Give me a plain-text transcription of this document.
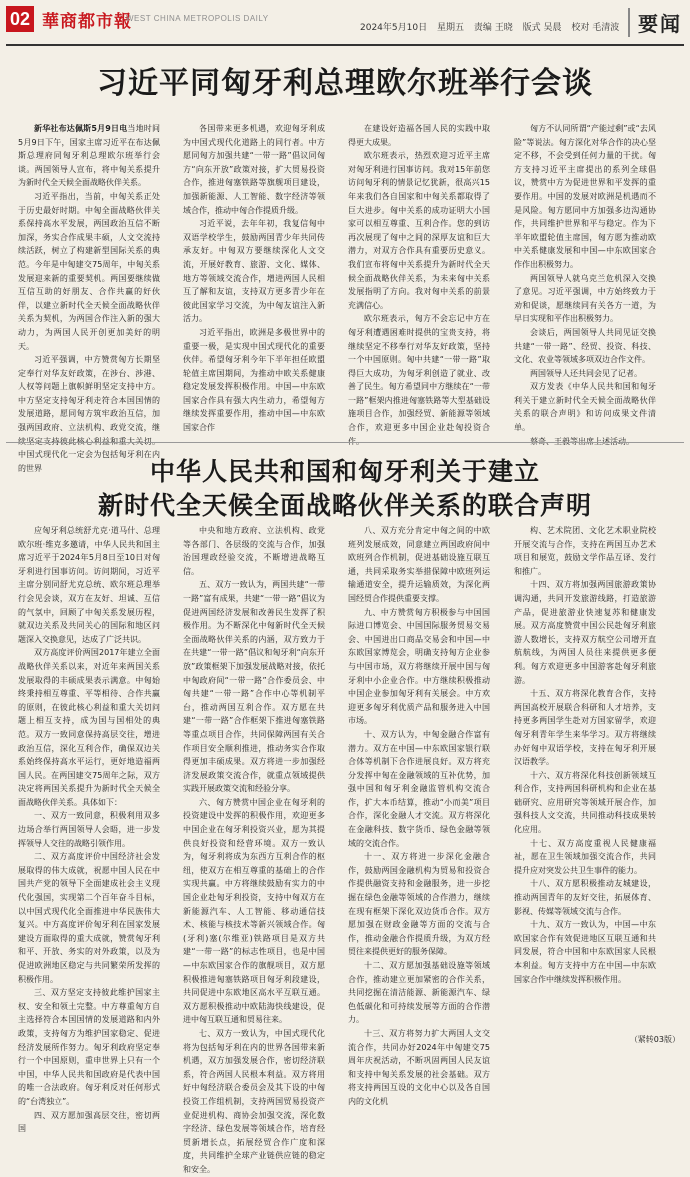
02 華商都市報
WEST CHINA METROPOLIS DAILY
2024年5月10日 星期五 责编 王晓 版式 吴晨 校对 毛清波 要闻
习近平同匈牙利总理欧尔班举行会谈

新华社布达佩斯5月9日电当地时间5月9日下午，国家主席习近平在布达佩斯总理府同匈牙利总理欧尔班举行会谈。两国领导人宣布，将中匈关系提升为新时代全天候全面战略伙伴关系。

习近平指出，当前，中匈关系正处于历史最好时期。中匈全面战略伙伴关系保持高水平发展，两国政治互信不断加深，务实合作成果丰硕，人文交流持续活跃，树立了构建新型国际关系的典范。今年是中匈建交75周年，中匈关系发展迎来新的重要契机。两国要继续做互信互助的好朋友、合作共赢的好伙伴，以建立新时代全天候全面战略伙伴关系为契机，为两国合作注入新的强大动力，为两国人民开创更加美好的明天。

习近平强调，中方赞赏匈方长期坚定奉行对华友好政策，在涉台、涉港、人权等问题上旗帜鲜明坚定支持中方。中方坚定支持匈牙利走符合本国国情的发展道路，愿同匈方筑牢政治互信，加强两国政府、立法机构、政党交流，继 中国式现代化一定会为包括匈牙利在内的世界

各国带来更多机遇，欢迎匈牙利成为中国式现代化道路上的同行者。中方愿同匈方加强共建“一带一路”倡议同匈方“向东开放”政策对接，扩大贸易投资合作，推进匈塞铁路等旗舰项目建设，加强新能源、人工智能、数字经济等领域合作，推动中匈合作提质升级。

习近平说，去年年初，我复信匈中双语学校学生，鼓励两国青少年共同传承友好。中匈双方要继续深化人文交流，开展好教育、旅游、文化、媒体、地方等领域交流合作，增进两国人民相互了解和友谊，支持双方更多青少年在彼此国家学习交流，为中匈友谊注入新活力。

习近平指出，欧洲是多极世界中的重要一极，是实现中国式现代化的重要伙伴。希望匈牙利今年下半年担任欧盟轮值主席国期间，为推动中欧关系健康稳定发展发挥积极作用。中国—中东欧国家合作具有强大内生动力，希望匈方继续发挥重要作用，推动中国—中东欧国家合作

在建设好造福各国人民的实践中取得更大成果。

欧尔班表示，热烈欢迎习近平主席对匈牙利进行国事访问。我对15年前您访问匈牙利的情景记忆犹新，很高兴15年来我们各自国家和中匈关系都取得了巨大进步。匈中关系的成功证明大小国家可以相互尊重、互利合作。您的到访再次展现了匈中之间的深厚友谊和巨大潜力，对双方合作具有重要历史意义。我们宣布将匈中关系提升为新时代全天候全面战略伙伴关系，为未来匈中关系发展指明了方向。我对匈中关系的前景充满信心。

欧尔班表示，匈方不会忘记中方在匈牙利遭遇困难时提供的宝贵支持，将继续坚定不移奉行对华友好政策，坚持一个中国原则。匈中共建“一带一路”取得巨大成功，为匈牙利创造了就业、改善了民生。匈方希望同中方继续在“一带一路”框架内推进匈塞铁路等大型基础设施项目合作，加强经贸、新能源等领域合作，欢迎更多中国企业赴匈投资合

匈方不认同所谓“产能过剩”或“去风险”等说法。匈方深化对华合作的决心坚定不移，不会受到任何力量的干扰。匈方支持习近平主席提出的系列全球倡议，赞赏中方为促进世界和平发挥的重要作用。中国的发展对欧洲是机遇而不是风险。匈方愿同中方加强多边沟通协作，共同维护世界和平与稳定。作为下半年欧盟轮值主席国，匈方愿为推动欧中关系健康发展和中国—中东欧国家合作作出积极努力。

两国领导人就乌克兰危机深入交换了意见。习近平强调，中方始终致力于劝和促谈，愿继续同有关各方一道，为早日实现和平作出积极努力。

会谈后，两国领导人共同见证交换共建“一带一路”、经贸、投资、科技、文化、农业等领域多项双边合作文件。

两国领导人还共同会见了记者。

双方发表《中华人民共和国和匈牙利关于建立新时代全天候全面战略伙伴关系的联合声明》和访问成果文件清单。

中华人民共和国和匈牙利关于建立
新时代全天候全面战略伙伴关系的联合声明

应匈牙利总统舒尤克·道马什、总理欧尔班·维克多邀请，中华人民共和国主席习近平于2024年5月8日至10日对匈牙利进行国事访问。访问期间，习近平主席分别同舒尤克总统、欧尔班总理举行会见会谈，双方在友好、坦诚、互信的气氛中，回顾了中匈关系发展历程，就双边关系及共同关心的国际和地区问题深入交换意见，达成了广泛共识。

双方高度评价两国2017年建立全面战略伙伴关系以来，对近年来两国关系发展取得的丰硕成果表示满意。中匈始终秉持相互尊重、平等相待、合作共赢的原则，在彼此核心利益和重大关切问题上相互支持，成为国与国相处的典范。双方一致同意保持高层交往，增进政治互信，深化互利合作，确保双边关系始终保持高水平运行，更好地造福两国人民。在两国建交75周年之际，双方决定将两国关系提升为新时代全天候全面战略伙伴关系。具体如下：

一、双方一致同意，积极利用双多边场合举行两国领导人会晤，进一步发挥领导人交往的战略引领作用。

二、双方高度评价中国经济社会发展取得的伟大成就，祝愿中国人民在中国共产党的领导下全面建成社会主义现代化强国，实现第二个百年奋斗目标，以中国式现代化全面推进中华民族伟大复兴。中方高度评价匈牙利在国家发展建设方面取得的重大成就，赞赏匈牙利和平、开放、务实的对外政策，以及为促进欧洲地区稳定与共同繁荣所发挥的积极作用。

三、双方坚定支持彼此维护国家主权、安全和领土完整。中方尊重匈方自主选择符合本国国情的发展道路和内外政策，支持匈方为维护国家稳定、促进经济发展所作努力。匈牙利政府坚定奉行一个中国原则，重申世界上只有一个中国，中华人民共和国政府是代表中国的唯一合法政府。匈牙利反对任何形式的“台湾独立”。

四、双方愿加强高层交往，密切两国

中央和地方政府、立法机构、政党等各部门、各层级的交流与合作，加强治国理政经验交流，不断增进战略互信。

五、双方一致认为，两国共建“一带一路”富有成果，共建“一带一路”倡议为促进两国经济发展和改善民生发挥了积极作用。为不断深化中匈新时代全天候全面战略伙伴关系的内涵，双方致力于在共建“一带一路”倡议和匈牙利“向东开放”政策框架下加强发展战略对接，依托中匈政府间“一带一路”合作委员会、中匈共建“一带一路”合作中心等机制平台，推动两国互利合作。双方愿在共建“一带一路”合作框架下推进匈塞铁路等重点项目合作，共同保障两国有关合作项目安全顺利推进，推动务实合作取得更加丰硕成果。双方将进一步加强经济发展政策交流合作，就重点领域提供实践开展政策交流和经验分享。

六、匈方赞赏中国企业在匈牙利的投资建设中发挥的积极作用，欢迎更多中国企业在匈牙利投资兴业，愿为其提供良好投资和经营环境。双方一致认为，匈牙利将成为东西方互利合作的枢纽，使双方在相互尊重的基础上的合作实现共赢。中方将继续鼓励有实力的中国企业赴匈牙利投资，支持中匈双方在新能源汽车、人工智能、移动通信技术、核能与核技术等新兴领域合作。匈(牙利)塞(尔维亚)铁路项目是双方共建“一带一路”的标志性项目，也是中国—中东欧国家合作的旗舰项目，双方愿积极推进匈塞铁路项目匈牙利段建设，共同促进中东欧地区高水平互联互通。双方愿积极推动中欧陆海快线建设，促进中匈互联互通和贸易往来。

七、双方一致认为，中国式现代化将为包括匈牙利在内的世界各国带来新机遇，双方加强发展合作，密切经济联系，符合两国人民根本利益。双方将用好中匈经济联合委员会及其下设的中匈投资工作组机制，支持两国贸易投资产业促进机构、商协会加强交流，深化数字经济、绿色发展等领域合作，培育经贸新增长点，拓展经贸合作广度和深度，共同维护全球产业链供应链的稳定和安全。

八、双方充分肯定中匈之间的中欧班列发展成效，同意建立两国政府间中欧班列合作机制，促进基础设施互联互通，共同采取务实举措保障中欧班列运输通道安全，提升运输质效，为深化两国经贸合作提供重要支撑。

九、中方赞赏匈方积极参与中国国际进口博览会、中国国际服务贸易交易会、中国进出口商品交易会和中国—中东欧国家博览会，明确支持匈方企业参与中国市场，双方将继续开展中国与匈牙利中小企业合作。中方继续积极推动中国企业参加匈牙利有关展会。中方欢迎更多匈牙利优质产品和服务进入中国市场。

十、双方认为，中匈金融合作富有潜力。双方在中国—中东欧国家银行联合体等机制下合作进展良好。双方将充分发挥中匈在金融领域的互补优势，加强中国和匈牙利金融监管机构交流合作，扩大本币结算，推动“小而美”项目合作，深化金融人才交流。双方将深化在金融科技、数字货币、绿色金融等领域的交流合作。

十一、双方将进一步深化金融合作，鼓励两国金融机构为贸易和投资合作提供融资支持和金融服务，进一步挖掘在绿色金融等领域的合作潜力，继续在现有框架下深化双边货币合作。双方愿加强在财政金融等方面的交流与合作，推动金融合作提质升级，为双方经贸往来提供更好的服务保障。

十二、双方愿加强基础设施等领域合作，推动建立更加紧密的合作关系，共同挖掘在清洁能源、新能源汽车、绿色低碳化和可持续发展等方面的合作潜力。

十三、双方将努力扩大两国人文交流合作，共同办好2024年中匈建交75周年庆祝活动，不断巩固两国人民友谊和支持中匈关系发展的社会基础。双方将支持两国互设的文化中心以及各自国内的文化机

构、艺术院团、文化艺术职业院校开展交流与合作，支持在两国互办艺术项目和展览，鼓励文学作品互译、发行和推广。

十四、双方将加强两国旅游政策协调沟通，共同开发旅游线路，打造旅游产品，促进旅游业快速复苏和健康发展。双方高度赞赏中国公民赴匈牙利旅游人数增长，支持双方航空公司增开直航航线，为两国人员往来提供更多便利。匈方欢迎更多中国游客赴匈牙利旅游。

十五、双方将深化教育合作，支持两国高校开展联合科研和人才培养，支持更多两国学生赴对方国家留学，欢迎匈牙利青年学生来华学习。双方将继续办好匈中双语学校，支持在匈牙利开展汉语教学。

十六、双方将深化科技创新领域互利合作，支持两国科研机构和企业在基础研究、应用研究等领域开展合作，加强科技人文交流，共同推动科技成果转化应用。

十七、双方高度重视人民健康福祉，愿在卫生领域加强交流合作，共同提升应对突发公共卫生事件的能力。

十八、双方愿积极推动友城建设，推动两国青年的友好交往，拓展体育、影视、传媒等领域交流与合作。

十九、双方一致认为，中国—中东欧国家合作有效促进地区互联互通和共同发展，符合中国和中东欧国家人民根本利益。匈方支持中方在中国—中东欧国家合作中继续发挥积极作用。

（紧转03版）
